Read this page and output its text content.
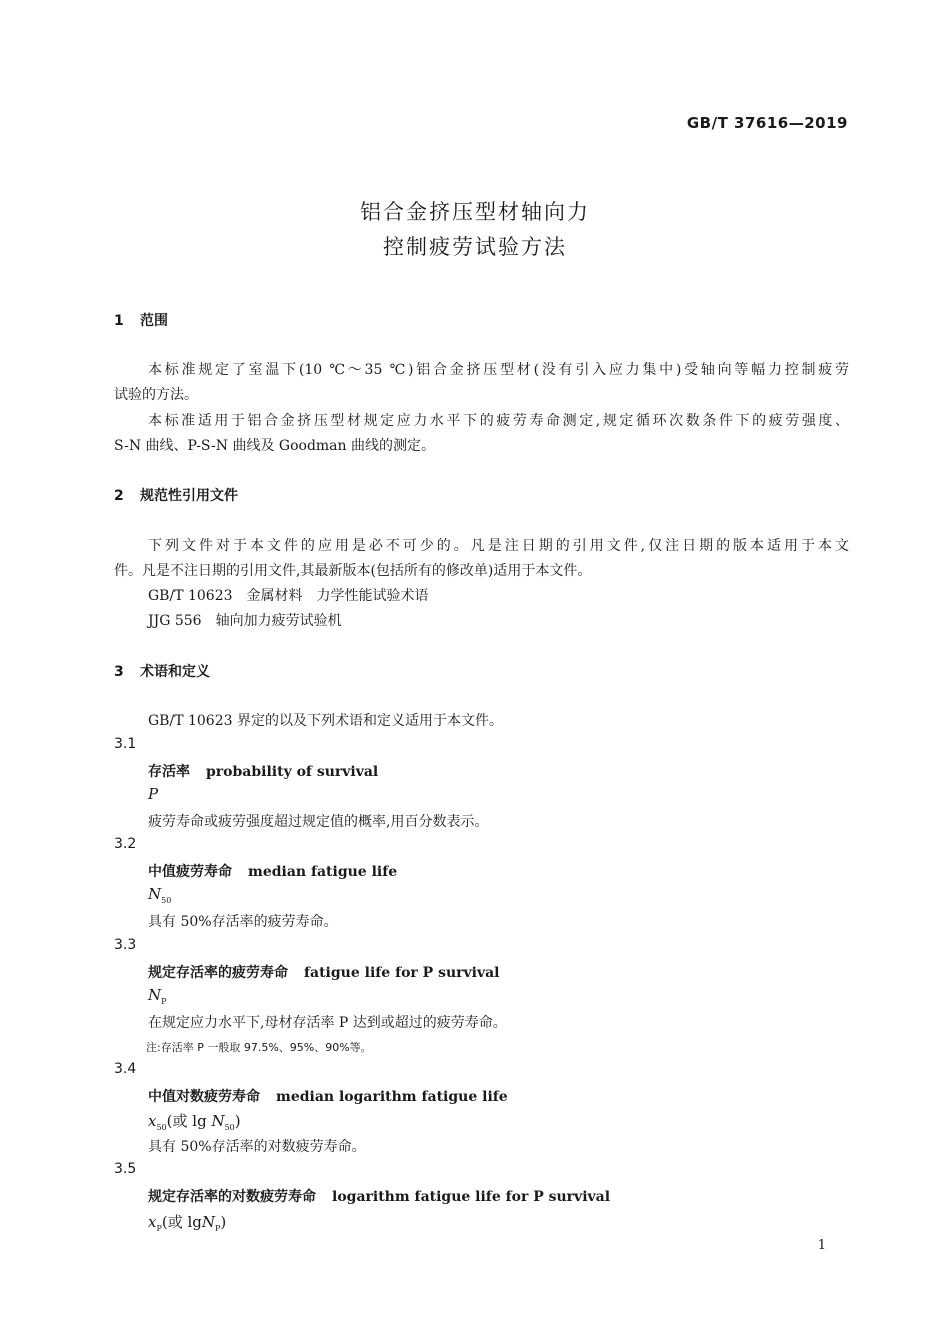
GB/T 37616—2019
铝合金挤压型材轴向力
控制疲劳试验方法
1 范围
本标准规定了室温下(10 ℃～35 ℃)铝合金挤压型材(没有引入应力集中)受轴向等幅力控制疲劳
试验的方法。
本标准适用于铝合金挤压型材规定应力水平下的疲劳寿命测定,规定循环次数条件下的疲劳强度、
S-N 曲线、P-S-N 曲线及 Goodman 曲线的测定。
2 规范性引用文件
下列文件对于本文件的应用是必不可少的。凡是注日期的引用文件,仅注日期的版本适用于本文
件。凡是不注日期的引用文件,其最新版本(包括所有的修改单)适用于本文件。
GB/T 10623　金属材料　力学性能试验术语
JJG 556　轴向加力疲劳试验机
3 术语和定义
GB/T 10623 界定的以及下列术语和定义适用于本文件。
3.1
存活率 probability of survival
P
疲劳寿命或疲劳强度超过规定值的概率,用百分数表示。
3.2
中值疲劳寿命 median fatigue life
$N_{50}$
具有 50%存活率的疲劳寿命。
3.3
规定存活率的疲劳寿命 fatigue life for P survival
$N_P$
在规定应力水平下,母材存活率 P 达到或超过的疲劳寿命。
注:存活率 P 一般取 97.5%、95%、90%等。
3.4
中值对数疲劳寿命 median logarithm fatigue life
$x_{50}$(或 $\lg N_{50}$)
具有 50%存活率的对数疲劳寿命。
3.5
规定存活率的对数疲劳寿命 logarithm fatigue life for P survival
$x_P$(或 lgN$_P$)
1
